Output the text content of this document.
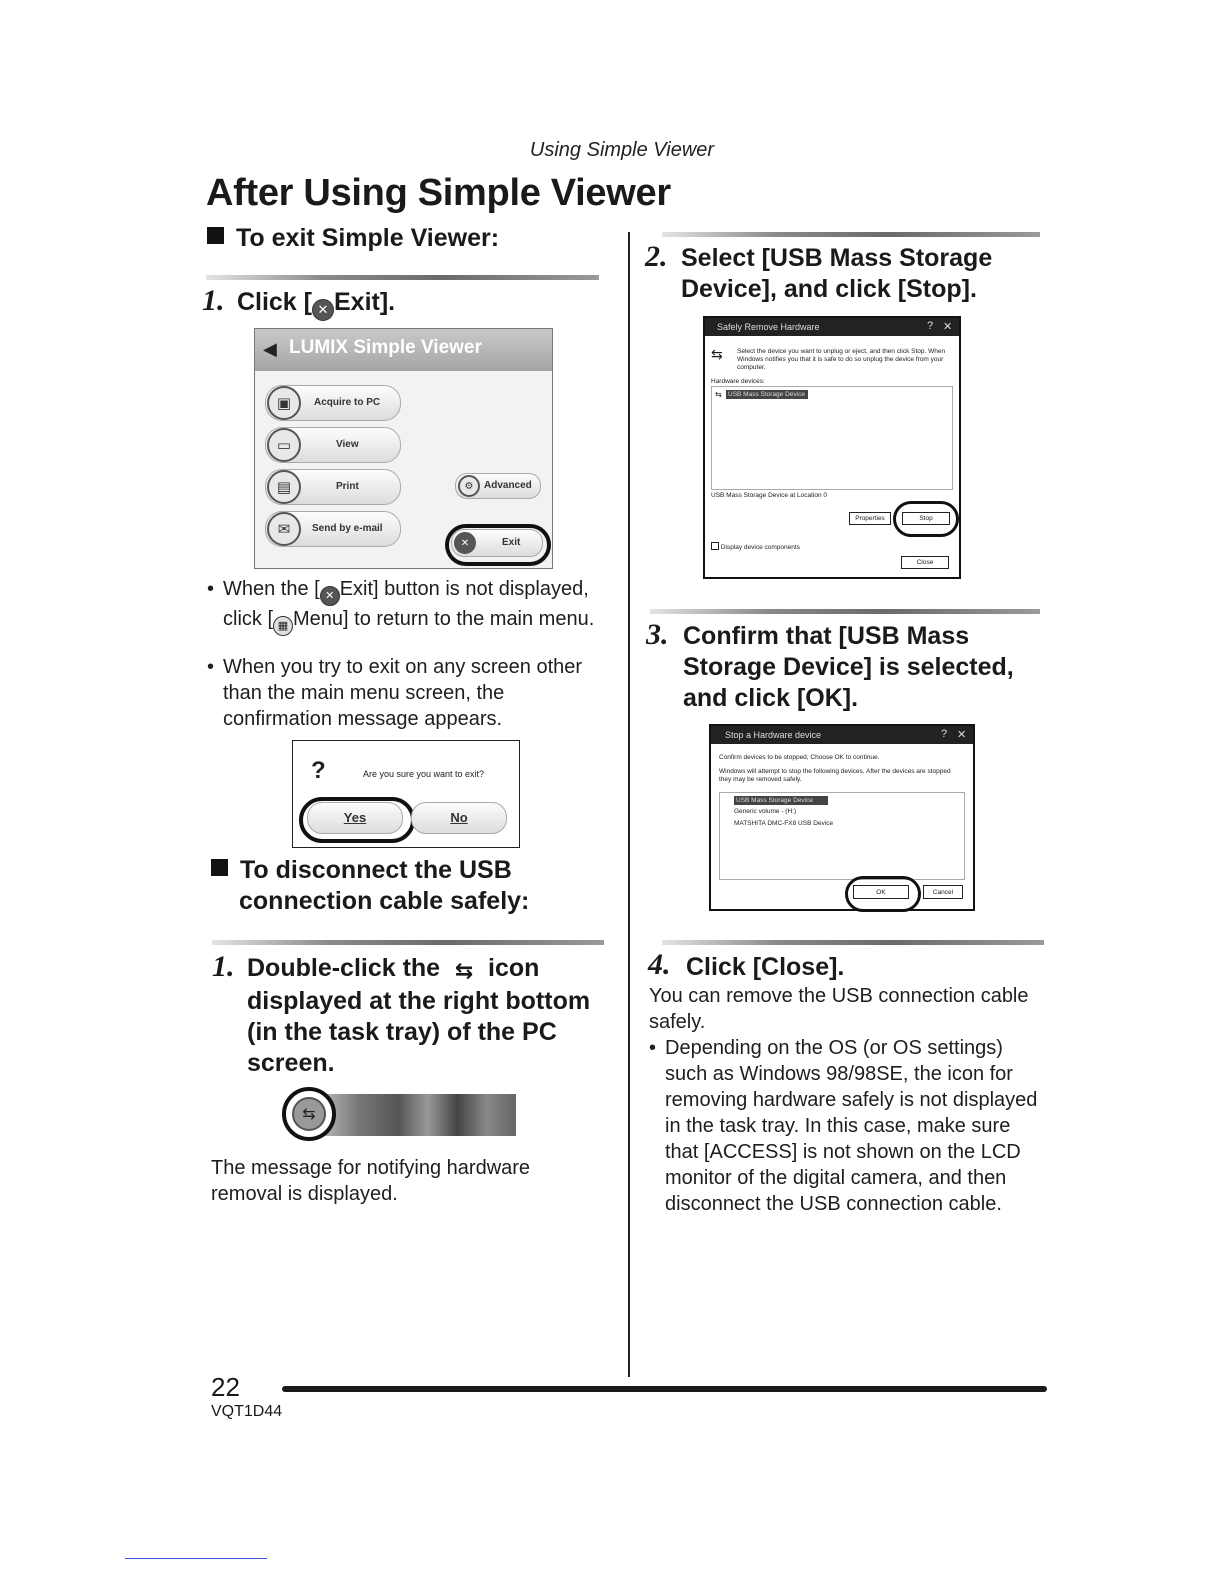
Using Simple Viewer
After Using Simple Viewer
To exit Simple Viewer:
1. Click [ ✕ Exit].
◀ LUMIX Simple Viewer
▣	Acquire to PC
▭	View
▤	Print
✉	Send by e-mail
⚙	Advanced
✕	Exit
• When the [ ✕ Exit] button is not displayed, click [ ▦ Menu] to return to the main menu.
• When you try to exit on any screen other than the main menu screen, the confirmation message appears.
?	Are you sure you want to exit?
Yes	No
To disconnect the USB
connection cable safely:
1. Double-click the ⇆ icon
displayed at the right bottom (in the task tray) of the PC screen.
⇆
The message for notifying hardware removal is displayed.
2. Select [USB Mass Storage Device], and click [Stop].
Safely Remove Hardware	? ✕
⇆ Select the device you want to unplug or eject, and then click Stop. When Windows notifies you that it is safe to do so unplug the device from your computer.
Hardware devices:
⇆ USB Mass Storage Device
USB Mass Storage Device at Location 0
Properties	Stop
Display device components
Close
3. Confirm that [USB Mass Storage Device] is selected, and click [OK].
Stop a Hardware device	? ✕
Confirm devices to be stopped, Choose OK to continue.
Windows will attempt to stop the following devices. After the devices are stopped they may be removed safely.
USB Mass Storage Device
Generic volume - (H:)
MATSHITA DMC-FX8 USB Device
OK	Cancel
4. Click [Close].
You can remove the USB connection cable safely.
• Depending on the OS (or OS settings) such as Windows 98/98SE, the icon for removing hardware safely is not displayed in the task tray. In this case, make sure that [ACCESS] is not shown on the LCD monitor of the digital camera, and then disconnect the USB connection cable.
22
VQT1D44
